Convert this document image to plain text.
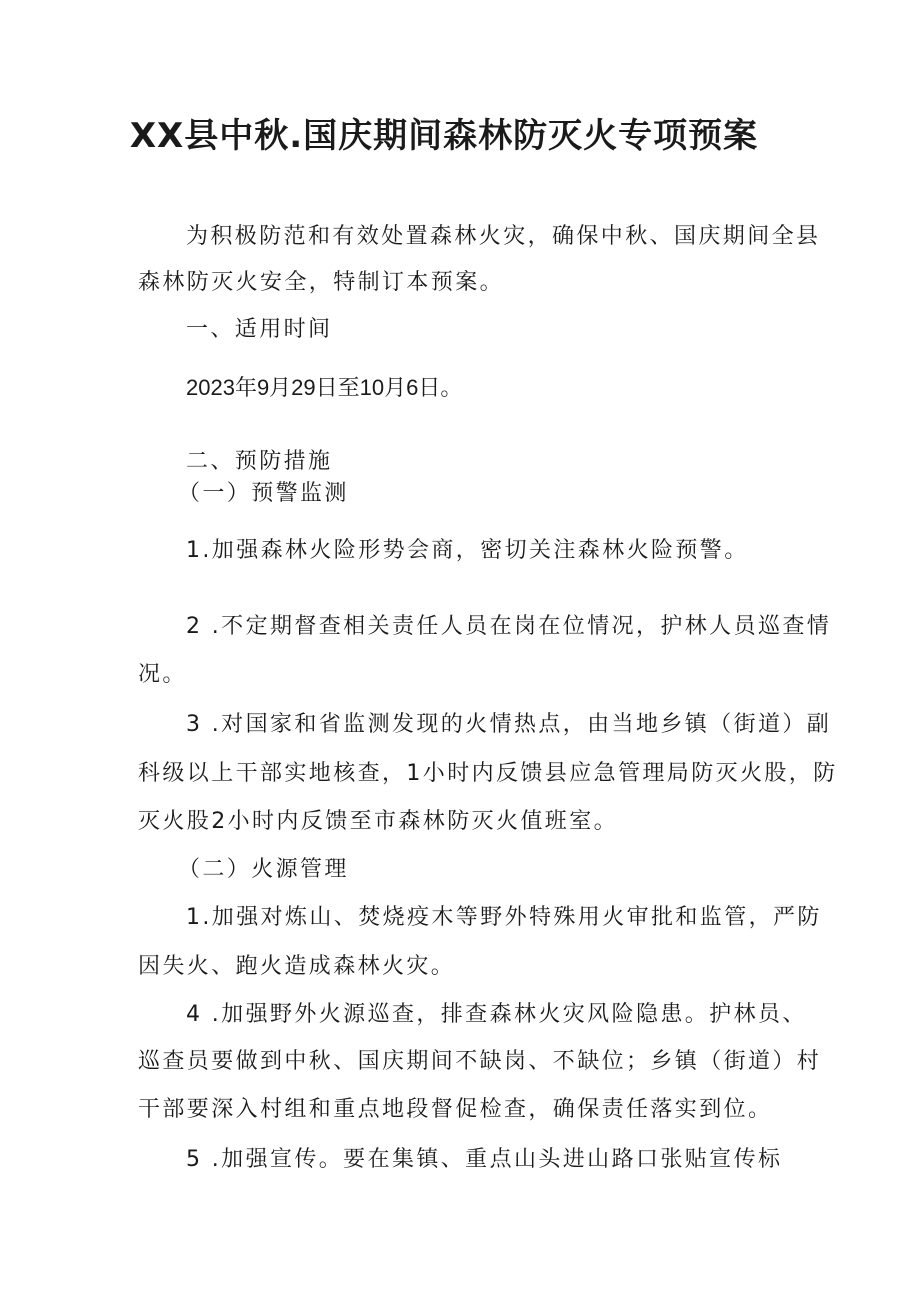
XX县中秋.国庆期间森林防灭火专项预案
为积极防范和有效处置森林火灾，确保中秋、国庆期间全县
森林防灭火安全，特制订本预案。
一、适用时间
2023年9月29日至10月6日。
二、预防措施
（一）预警监测
1.加强森林火险形势会商，密切关注森林火险预警。
2 .不定期督查相关责任人员在岗在位情况，护林人员巡查情
况。
3 .对国家和省监测发现的火情热点，由当地乡镇（街道）副
科级以上干部实地核查，1小时内反馈县应急管理局防灭火股，防
灭火股2小时内反馈至市森林防灭火值班室。
（二）火源管理
1.加强对炼山、焚烧疫木等野外特殊用火审批和监管，严防
因失火、跑火造成森林火灾。
4 .加强野外火源巡查，排查森林火灾风险隐患。护林员、
巡查员要做到中秋、国庆期间不缺岗、不缺位；乡镇（街道）村
干部要深入村组和重点地段督促检查，确保责任落实到位。
5 .加强宣传。要在集镇、重点山头进山路口张贴宣传标
